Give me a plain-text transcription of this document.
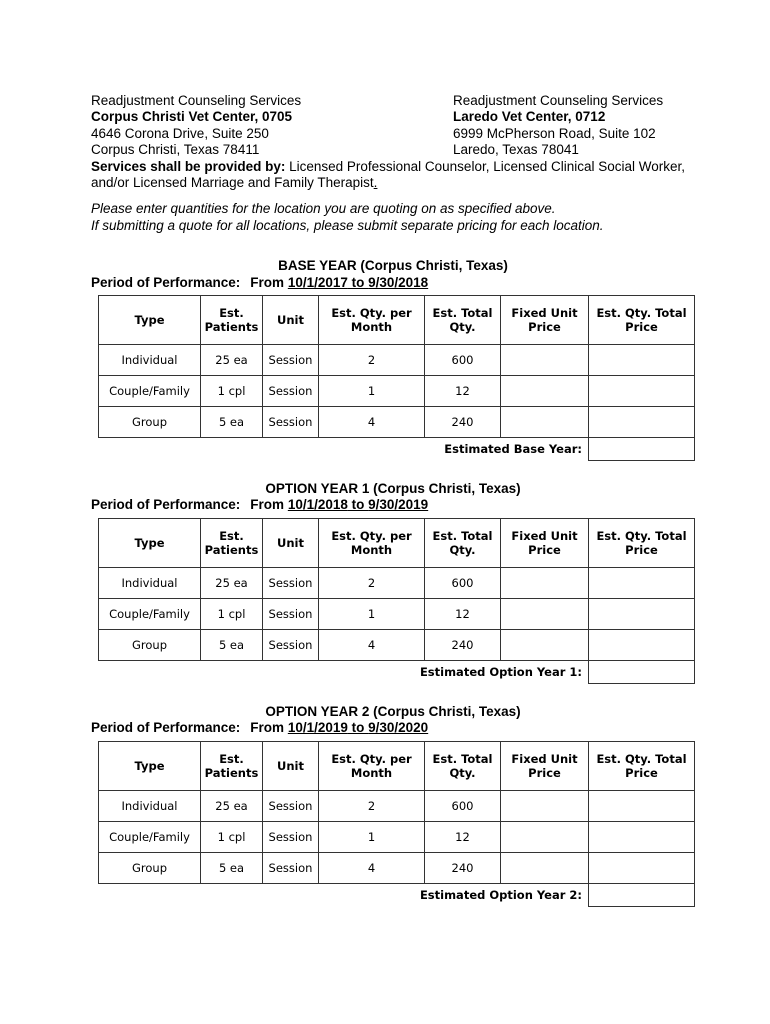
Readjustment Counseling Services
Corpus Christi Vet Center, 0705
4646 Corona Drive, Suite 250
Corpus Christi, Texas 78411
Readjustment Counseling Services
Laredo Vet Center, 0712
6999 McPherson Road, Suite 102
Laredo, Texas 78041
Services shall be provided by: Licensed Professional Counselor, Licensed Clinical Social Worker, and/or Licensed Marriage and Family Therapist.
Please enter quantities for the location you are quoting on as specified above.
If submitting a quote for all locations, please submit separate pricing for each location.
BASE YEAR (Corpus Christi, Texas)
Period of Performance: From 10/1/2017 to 9/30/2018
Type	Est. Patients	Unit	Est. Qty. per Month	Est. Total Qty.	Fixed Unit Price	Est. Qty. Total Price
Individual	25 ea	Session	2	600		
Couple/Family	1 cpl	Session	1	12		
Group	5 ea	Session	4	240		
Estimated Base Year:						
OPTION YEAR 1 (Corpus Christi, Texas)
Period of Performance: From 10/1/2018 to 9/30/2019
Type	Est. Patients	Unit	Est. Qty. per Month	Est. Total Qty.	Fixed Unit Price	Est. Qty. Total Price
Individual	25 ea	Session	2	600		
Couple/Family	1 cpl	Session	1	12		
Group	5 ea	Session	4	240		
Estimated Option Year 1:						
OPTION YEAR 2 (Corpus Christi, Texas)
Period of Performance: From 10/1/2019 to 9/30/2020
Type	Est. Patients	Unit	Est. Qty. per Month	Est. Total Qty.	Fixed Unit Price	Est. Qty. Total Price
Individual	25 ea	Session	2	600		
Couple/Family	1 cpl	Session	1	12		
Group	5 ea	Session	4	240		
Estimated Option Year 2:						
